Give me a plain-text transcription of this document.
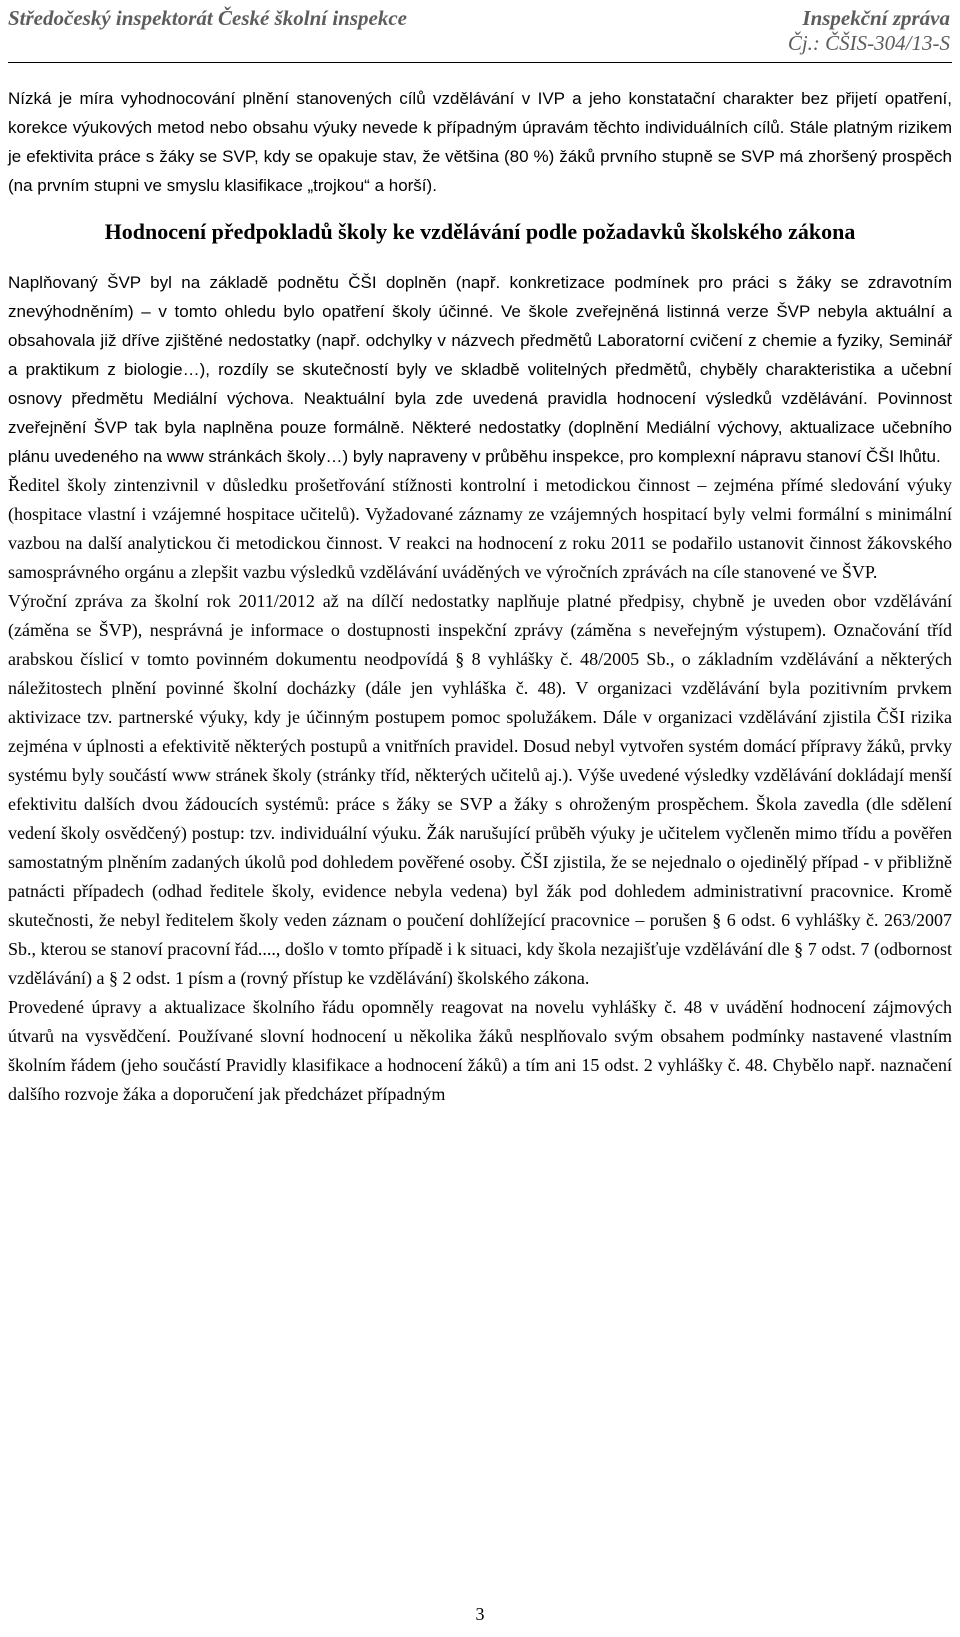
Středočeský inspektorát České školní inspekce	Inspekční zpráva
Čj.: ČŠIS-304/13-S

Nízká je míra vyhodnocování plnění stanovených cílů vzdělávání v IVP a jeho konstatační charakter bez přijetí opatření, korekce výukových metod nebo obsahu výuky nevede k případným úpravám těchto individuálních cílů. Stále platným rizikem je efektivita práce s žáky se SVP, kdy se opakuje stav, že většina (80 %) žáků prvního stupně se SVP má zhoršený prospěch (na prvním stupni ve smyslu klasifikace „trojkou“ a horší).

Hodnocení předpokladů školy ke vzdělávání podle požadavků školského zákona

Naplňovaný ŠVP byl na základě podnětu ČŠI doplněn (např. konkretizace podmínek pro práci s žáky se zdravotním znevýhodněním) – v tomto ohledu bylo opatření školy účinné. Ve škole zveřejněná listinná verze ŠVP nebyla aktuální a obsahovala již dříve zjištěné nedostatky (např. odchylky v názvech předmětů Laboratorní cvičení z chemie a fyziky, Seminář a praktikum z biologie…), rozdíly se skutečností byly ve skladbě volitelných předmětů, chyběly charakteristika a učební osnovy předmětu Mediální výchova. Neaktuální byla zde uvedená pravidla hodnocení výsledků vzdělávání. Povinnost zveřejnění ŠVP tak byla naplněna pouze formálně. Některé nedostatky (doplnění Mediální výchovy, aktualizace učebního plánu uvedeného na www stránkách školy…) byly napraveny v průběhu inspekce, pro komplexní nápravu stanoví ČŠI lhůtu.

Ředitel školy zintenzivnil v důsledku prošetřování stížnosti kontrolní i metodickou činnost – zejména přímé sledování výuky (hospitace vlastní i vzájemné hospitace učitelů). Vyžadované záznamy ze vzájemných hospitací byly velmi formální s minimální vazbou na další analytickou či metodickou činnost. V reakci na hodnocení z roku 2011 se podařilo ustanovit činnost žákovského samosprávného orgánu a zlepšit vazbu výsledků vzdělávání uváděných ve výročních zprávách na cíle stanovené ve ŠVP.

Výroční zpráva za školní rok 2011/2012 až na dílčí nedostatky naplňuje platné předpisy, chybně je uveden obor vzdělávání (záměna se ŠVP), nesprávná je informace o dostupnosti inspekční zprávy (záměna s neveřejným výstupem). Označování tříd arabskou číslicí v tomto povinném dokumentu neodpovídá § 8 vyhlášky č. 48/2005 Sb., o základním vzdělávání a některých náležitostech plnění povinné školní docházky (dále jen vyhláška č. 48). V organizaci vzdělávání byla pozitivním prvkem aktivizace tzv. partnerské výuky, kdy je účinným postupem pomoc spolužákem. Dále v organizaci vzdělávání zjistila ČŠI rizika zejména v úplnosti a efektivitě některých postupů a vnitřních pravidel. Dosud nebyl vytvořen systém domácí přípravy žáků, prvky systému byly součástí www stránek školy (stránky tříd, některých učitelů aj.). Výše uvedené výsledky vzdělávání dokládají menší efektivitu dalších dvou žádoucích systémů: práce s žáky se SVP a žáky s ohroženým prospěchem. Škola zavedla (dle sdělení vedení školy osvědčený) postup: tzv. individuální výuku. Žák narušující průběh výuky je učitelem vyčleněn mimo třídu a pověřen samostatným plněním zadaných úkolů pod dohledem pověřené osoby. ČŠI zjistila, že se nejednalo o ojedinělý případ - v přibližně patnácti případech (odhad ředitele školy, evidence nebyla vedena) byl žák pod dohledem administrativní pracovnice. Kromě skutečnosti, že nebyl ředitelem školy veden záznam o poučení dohlížející pracovnice – porušen § 6 odst. 6 vyhlášky č. 263/2007 Sb., kterou se stanoví pracovní řád...., došlo v tomto případě i k situaci, kdy škola nezajišťuje vzdělávání dle § 7 odst. 7 (odbornost vzdělávání) a § 2 odst. 1 písm a (rovný přístup ke vzdělávání) školského zákona.

Provedené úpravy a aktualizace školního řádu opomněly reagovat na novelu vyhlášky č. 48 v uvádění hodnocení zájmových útvarů na vysvědčení. Používané slovní hodnocení u několika žáků nesplňovalo svým obsahem podmínky nastavené vlastním školním řádem (jeho součástí Pravidly klasifikace a hodnocení žáků) a tím ani 15 odst. 2 vyhlášky č. 48. Chybělo např. naznačení dalšího rozvoje žáka a doporučení jak předcházet případným

3
